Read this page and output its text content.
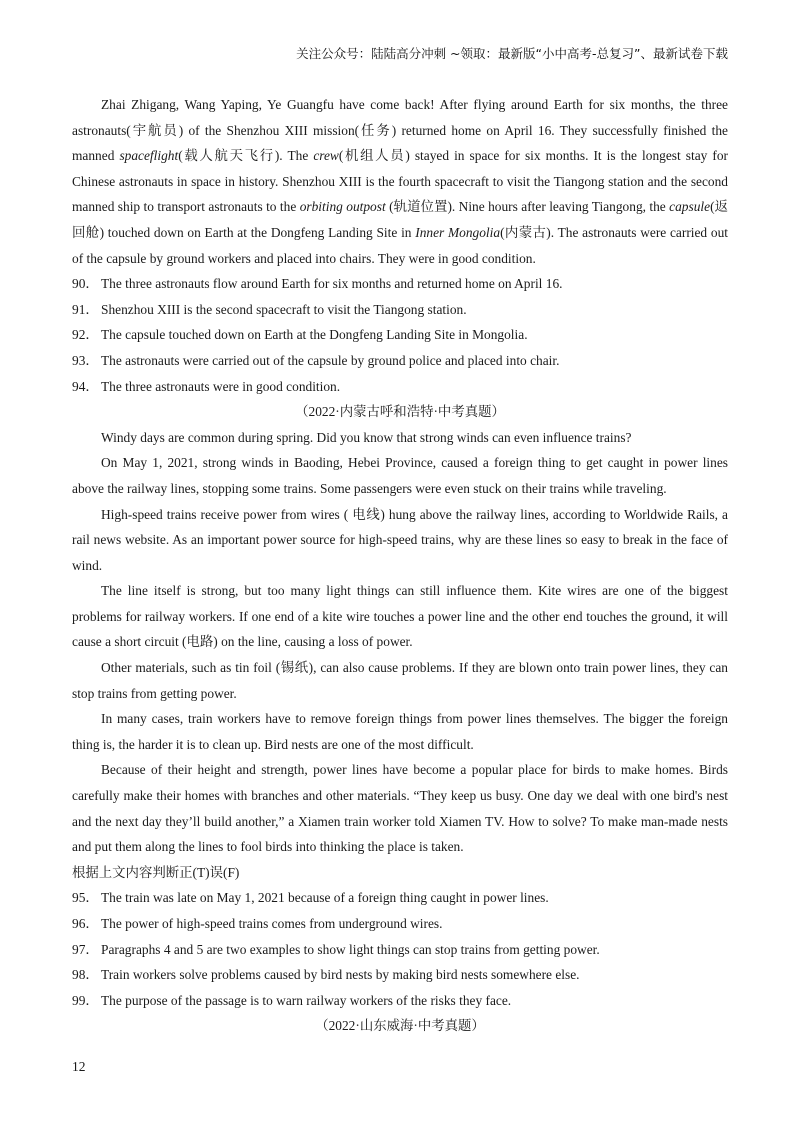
关注公众号：陆陆高分冲刺 ~领取：最新版“小中高考-总复习”、最新试卷下载

Zhai Zhigang, Wang Yaping, Ye Guangfu have come back! After flying around Earth for six months, the three astronauts(宇航员) of the Shenzhou XIII mission(任务) returned home on April 16. They successfully finished the manned spaceflight(载人航天飞行). The crew(机组人员) stayed in space for six months. It is the longest stay for Chinese astronauts in space in history. Shenzhou XIII is the fourth spacecraft to visit the Tiangong station and the second manned ship to transport astronauts to the orbiting outpost (轨道位置). Nine hours after leaving Tiangong, the capsule(返回舱) touched down on Earth at the Dongfeng Landing Site in Inner Mongolia(内蒙古). The astronauts were carried out of the capsule by ground workers and placed into chairs. They were in good condition.

90． The three astronauts flow around Earth for six months and returned home on April 16.
91． Shenzhou XIII is the second spacecraft to visit the Tiangong station.
92． The capsule touched down on Earth at the Dongfeng Landing Site in Mongolia.
93． The astronauts were carried out of the capsule by ground police and placed into chair.
94． The three astronauts were in good condition.

（2022·内蒙古呼和浩特·中考真题）

Windy days are common during spring. Did you know that strong winds can even influence trains?

On May 1, 2021, strong winds in Baoding, Hebei Province, caused a foreign thing to get caught in power lines above the railway lines, stopping some trains. Some passengers were even stuck on their trains while traveling.

High-speed trains receive power from wires ( 电线) hung above the railway lines, according to Worldwide Rails, a rail news website. As an important power source for high-speed trains, why are these lines so easy to break in the face of wind.

The line itself is strong, but too many light things can still influence them. Kite wires are one of the biggest problems for railway workers. If one end of a kite wire touches a power line and the other end touches the ground, it will cause a short circuit (电路) on the line, causing a loss of power.

Other materials, such as tin foil (锡纸), can also cause problems. If they are blown onto train power lines, they can stop trains from getting power.

In many cases, train workers have to remove foreign things from power lines themselves. The bigger the foreign thing is, the harder it is to clean up. Bird nests are one of the most difficult.

Because of their height and strength, power lines have become a popular place for birds to make homes. Birds carefully make their homes with branches and other materials. “They keep us busy. One day we deal with one bird's nest and the next day they’ll build another,” a Xiamen train worker told Xiamen TV. How to solve? To make man-made nests and put them along the lines to fool birds into thinking the place is taken.

根据上文内容判断正(T)误(F)

95． The train was late on May 1, 2021 because of a foreign thing caught in power lines.
96． The power of high-speed trains comes from underground wires.
97． Paragraphs 4 and 5 are two examples to show light things can stop trains from getting power.
98． Train workers solve problems caused by bird nests by making bird nests somewhere else.
99． The purpose of the passage is to warn railway workers of the risks they face.

（2022·山东威海·中考真题）

12
